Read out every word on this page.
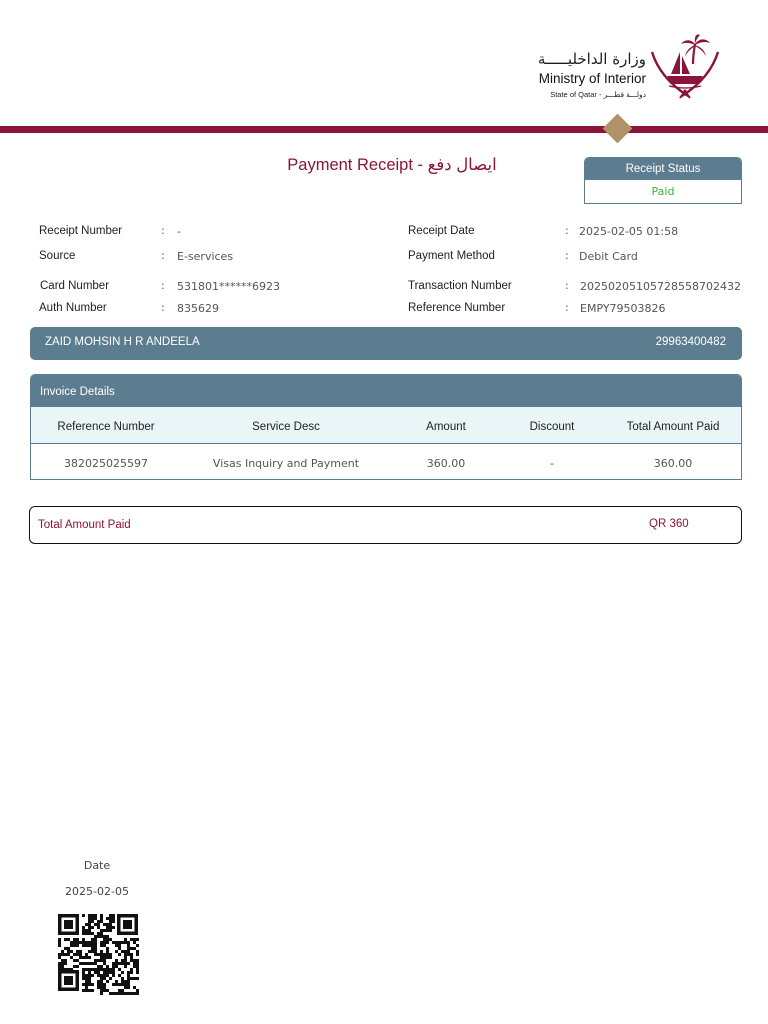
وزارة الداخليـــــة
Ministry of Interior
State of Qatar - دولـــة قطـــر
Payment Receipt - ايصال دفع	Receipt Status
Paid
Receipt Number	: -
Source	: E-services
Card Number	: 531801******6923
Auth Number	: 835629
Receipt Date	: 2025-02-05 01:58
Payment Method	: Debit Card
Transaction Number	: 20250205105728558702432
Reference Number	: EMPY79503826
ZAID MOHSIN H R ANDEELA	29963400482
Invoice Details
Reference Number	Service Desc	Amount	Discount	Total Amount Paid
382025025597	Visas Inquiry and Payment	360.00	-	360.00
Total Amount Paid	QR 360
Date
2025-02-05
